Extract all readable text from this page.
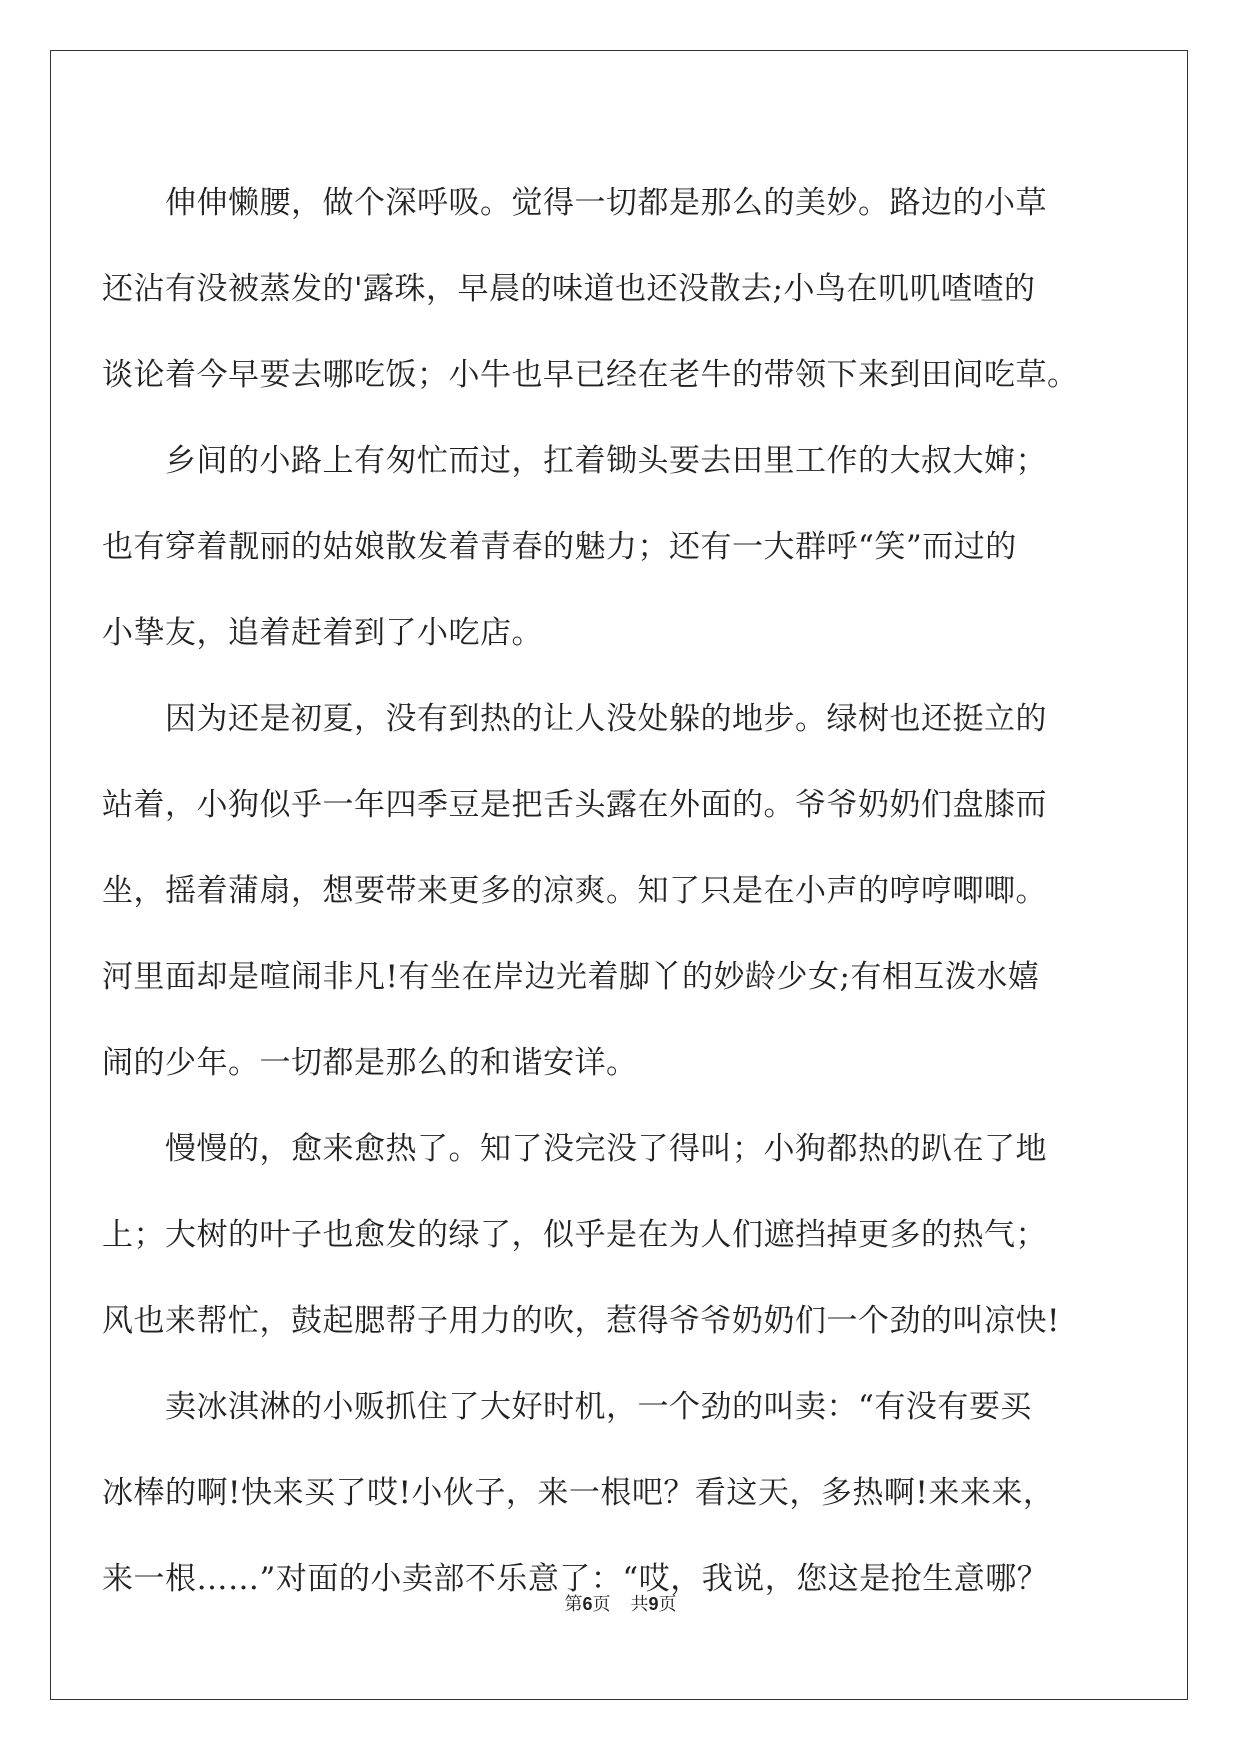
伸伸懒腰，做个深呼吸。觉得一切都是那么的美妙。路边的小草
还沾有没被蒸发的'露珠，早晨的味道也还没散去;小鸟在叽叽喳喳的
谈论着今早要去哪吃饭；小牛也早已经在老牛的带领下来到田间吃草。
乡间的小路上有匆忙而过，扛着锄头要去田里工作的大叔大婶；
也有穿着靓丽的姑娘散发着青春的魅力；还有一大群呼“笑”而过的
小挚友，追着赶着到了小吃店。
因为还是初夏，没有到热的让人没处躲的地步。绿树也还挺立的
站着，小狗似乎一年四季豆是把舌头露在外面的。爷爷奶奶们盘膝而
坐，摇着蒲扇，想要带来更多的凉爽。知了只是在小声的哼哼唧唧。
河里面却是喧闹非凡!有坐在岸边光着脚丫的妙龄少女;有相互泼水嬉
闹的少年。一切都是那么的和谐安详。
慢慢的，愈来愈热了。知了没完没了得叫；小狗都热的趴在了地
上；大树的叶子也愈发的绿了，似乎是在为人们遮挡掉更多的热气；
风也来帮忙，鼓起腮帮子用力的吹，惹得爷爷奶奶们一个劲的叫凉快!
卖冰淇淋的小贩抓住了大好时机，一个劲的叫卖：“有没有要买
冰棒的啊!快来买了哎!小伙子，来一根吧？看这天，多热啊!来来来，
来一根……”对面的小卖部不乐意了：“哎，我说，您这是抢生意哪？
第6页 共9页
